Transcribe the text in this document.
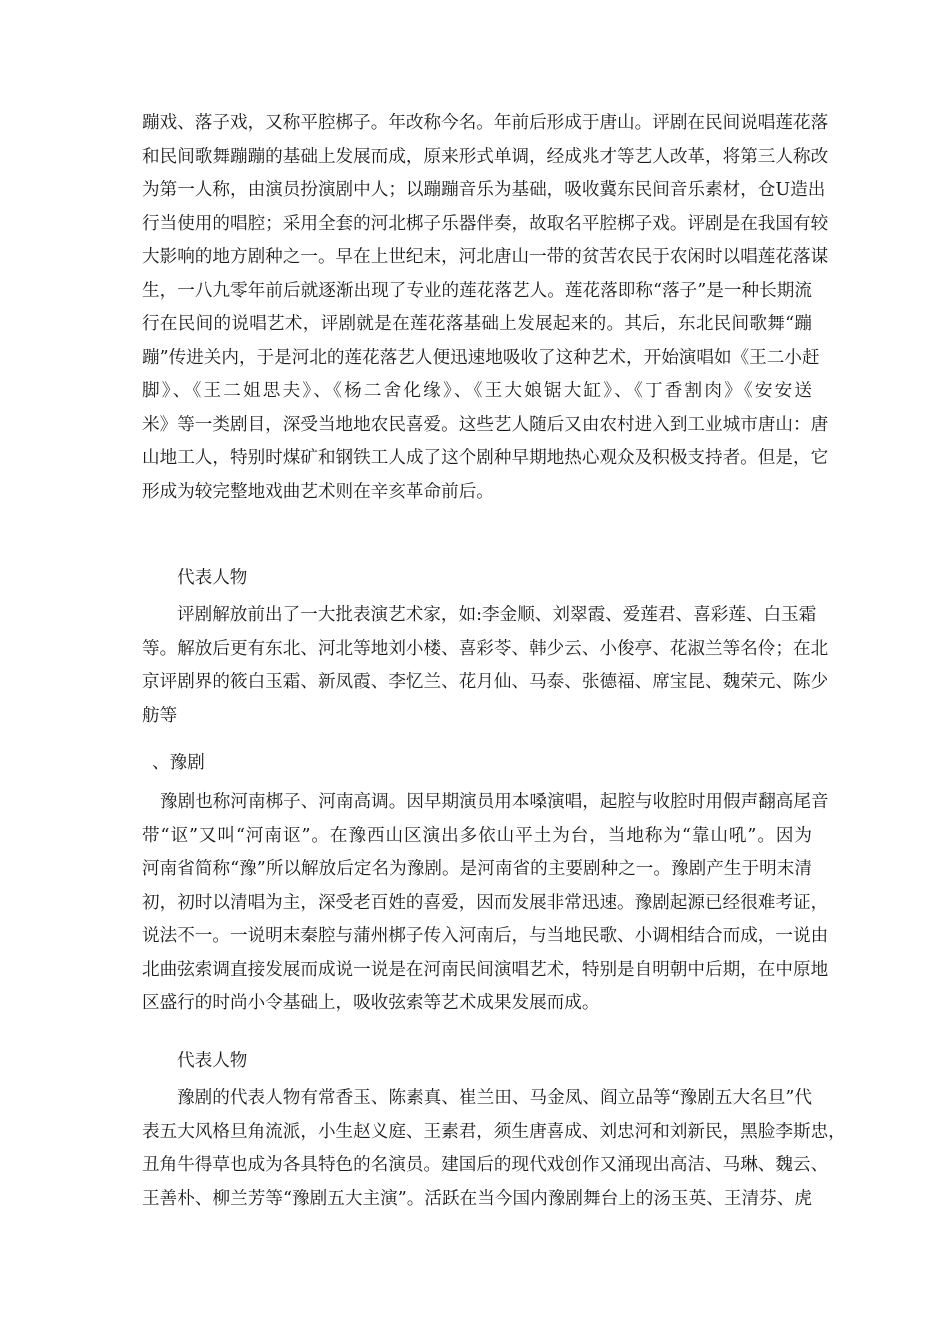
蹦戏、落子戏，又称平腔梆子。年改称今名。年前后形成于唐山。评剧在民间说唱莲花落
和民间歌舞蹦蹦的基础上发展而成，原来形式单调，经成兆才等艺人改革，将第三人称改
为第一人称，由演员扮演剧中人；以蹦蹦音乐为基础，吸收冀东民间音乐素材，仓U造出
行当使用的唱腔；采用全套的河北梆子乐器伴奏，故取名平腔梆子戏。评剧是在我国有较
大影响的地方剧种之一。早在上世纪末，河北唐山一带的贫苦农民于农闲时以唱莲花落谋
生，一八九零年前后就逐渐出现了专业的莲花落艺人。莲花落即称“落子”是一种长期流
行在民间的说唱艺术，评剧就是在莲花落基础上发展起来的。其后，东北民间歌舞“蹦
蹦”传进关内，于是河北的莲花落艺人便迅速地吸收了这种艺术，开始演唱如《王二小赶
脚》、《王二姐思夫》、《杨二舍化缘》、《王大娘锯大缸》、《丁香割肉》《安安送
米》等一类剧目，深受当地地农民喜爱。这些艺人随后又由农村进入到工业城市唐山：唐
山地工人，特别时煤矿和钢铁工人成了这个剧种早期地热心观众及积极支持者。但是，它
形成为较完整地戏曲艺术则在辛亥革命前后。
代表人物
评剧解放前出了一大批表演艺术家，如:李金顺、刘翠霞、爱莲君、喜彩莲、白玉霜
等。解放后更有东北、河北等地刘小楼、喜彩苓、韩少云、小俊亭、花淑兰等名伶；在北
京评剧界的筱白玉霜、新凤霞、李忆兰、花月仙、马泰、张德福、席宝昆、魏荣元、陈少
舫等
、豫剧
豫剧也称河南梆子、河南高调。因早期演员用本嗓演唱，起腔与收腔时用假声翻高尾音
带“讴”又叫“河南讴”。在豫西山区演出多依山平土为台，当地称为“靠山吼”。因为
河南省简称“豫”所以解放后定名为豫剧。是河南省的主要剧种之一。豫剧产生于明末清
初，初时以清唱为主，深受老百姓的喜爱，因而发展非常迅速。豫剧起源已经很难考证，
说法不一。一说明末秦腔与蒲州梆子传入河南后，与当地民歌、小调相结合而成，一说由
北曲弦索调直接发展而成说一说是在河南民间演唱艺术，特别是自明朝中后期，在中原地
区盛行的时尚小令基础上，吸收弦索等艺术成果发展而成。
代表人物
豫剧的代表人物有常香玉、陈素真、崔兰田、马金凤、阎立品等“豫剧五大名旦”代
表五大风格旦角流派，小生赵义庭、王素君，须生唐喜成、刘忠河和刘新民，黑脸李斯忠，
丑角牛得草也成为各具特色的名演员。建国后的现代戏创作又涌现出高洁、马琳、魏云、
王善朴、柳兰芳等“豫剧五大主演”。活跃在当今国内豫剧舞台上的汤玉英、王清芬、虎
